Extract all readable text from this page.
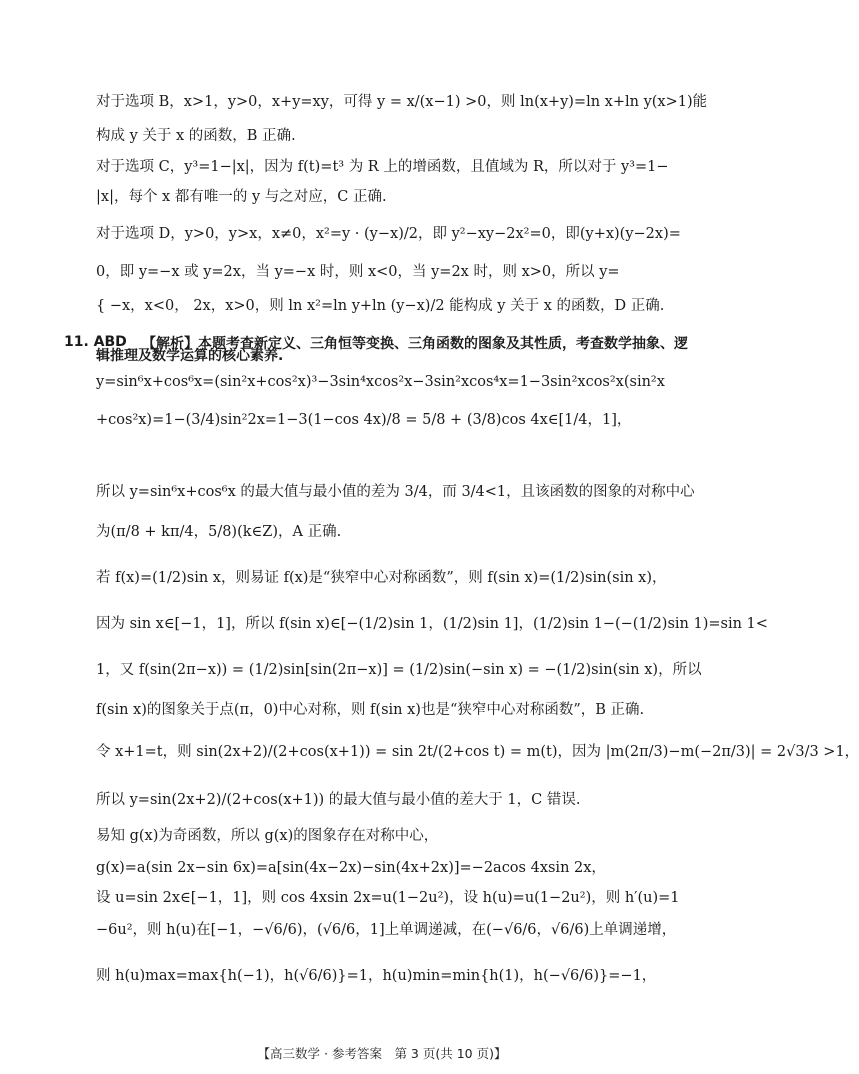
对于选项 B，x>1，y>0，x+y=xy，可得 y = x/(x−1) >0，则 ln(x+y)=ln x+ln y(x>1)能
构成 y 关于 x 的函数，B 正确.
对于选项 C，y³=1−|x|，因为 f(t)=t³ 为 R 上的增函数，且值域为 R，所以对于 y³=1−
|x|，每个 x 都有唯一的 y 与之对应，C 正确.
对于选项 D，y>0，y>x，x≠0，x²=y · (y−x)/2，即 y²−xy−2x²=0，即(y+x)(y−2x)=
0，即 y=−x 或 y=2x，当 y=−x 时，则 x<0，当 y=2x 时，则 x>0，所以 y=
{ −x，x<0， 2x，x>0，则 ln x²=ln y+ln (y−x)/2 能构成 y 关于 x 的函数，D 正确.
y=sin⁶x+cos⁶x=(sin²x+cos²x)³−3sin⁴xcos²x−3sin²xcos⁴x=1−3sin²xcos²x(sin²x
+cos²x)=1−(3/4)sin²2x=1−3(1−cos 4x)/8 = 5/8 + (3/8)cos 4x∈[1/4，1]，
所以 y=sin⁶x+cos⁶x 的最大值与最小值的差为 3/4，而 3/4<1，且该函数的图象的对称中心
为(π/8 + kπ/4，5/8)(k∈Z)，A 正确.
若 f(x)=(1/2)sin x，则易证 f(x)是“狭窄中心对称函数”，则 f(sin x)=(1/2)sin(sin x)，
因为 sin x∈[−1，1]，所以 f(sin x)∈[−(1/2)sin 1，(1/2)sin 1]，(1/2)sin 1−(−(1/2)sin 1)=sin 1<
1，又 f(sin(2π−x)) = (1/2)sin[sin(2π−x)] = (1/2)sin(−sin x) = −(1/2)sin(sin x)，所以
f(sin x)的图象关于点(π，0)中心对称，则 f(sin x)也是“狭窄中心对称函数”，B 正确.
令 x+1=t，则 sin(2x+2)/(2+cos(x+1)) = sin 2t/(2+cos t) = m(t)，因为 |m(2π/3)−m(−2π/3)| = 2√3/3 >1，
所以 y=sin(2x+2)/(2+cos(x+1)) 的最大值与最小值的差大于 1，C 错误.
易知 g(x)为奇函数，所以 g(x)的图象存在对称中心，
g(x)=a(sin 2x−sin 6x)=a[sin(4x−2x)−sin(4x+2x)]=−2acos 4xsin 2x，
设 u=sin 2x∈[−1，1]，则 cos 4xsin 2x=u(1−2u²)，设 h(u)=u(1−2u²)，则 h′(u)=1
−6u²，则 h(u)在[−1，−√6/6)，(√6/6，1]上单调递减，在(−√6/6，√6/6)上单调递增，
则 h(u)max=max{h(−1)，h(√6/6)}=1，h(u)min=min{h(1)，h(−√6/6)}=−1，
11. ABD 【解析】本题考查新定义、三角恒等变换、三角函数的图象及其性质，考查数学抽象、逻
辑推理及数学运算的核心素养.
【高三数学 · 参考答案　第 3 页(共 10 页)】
